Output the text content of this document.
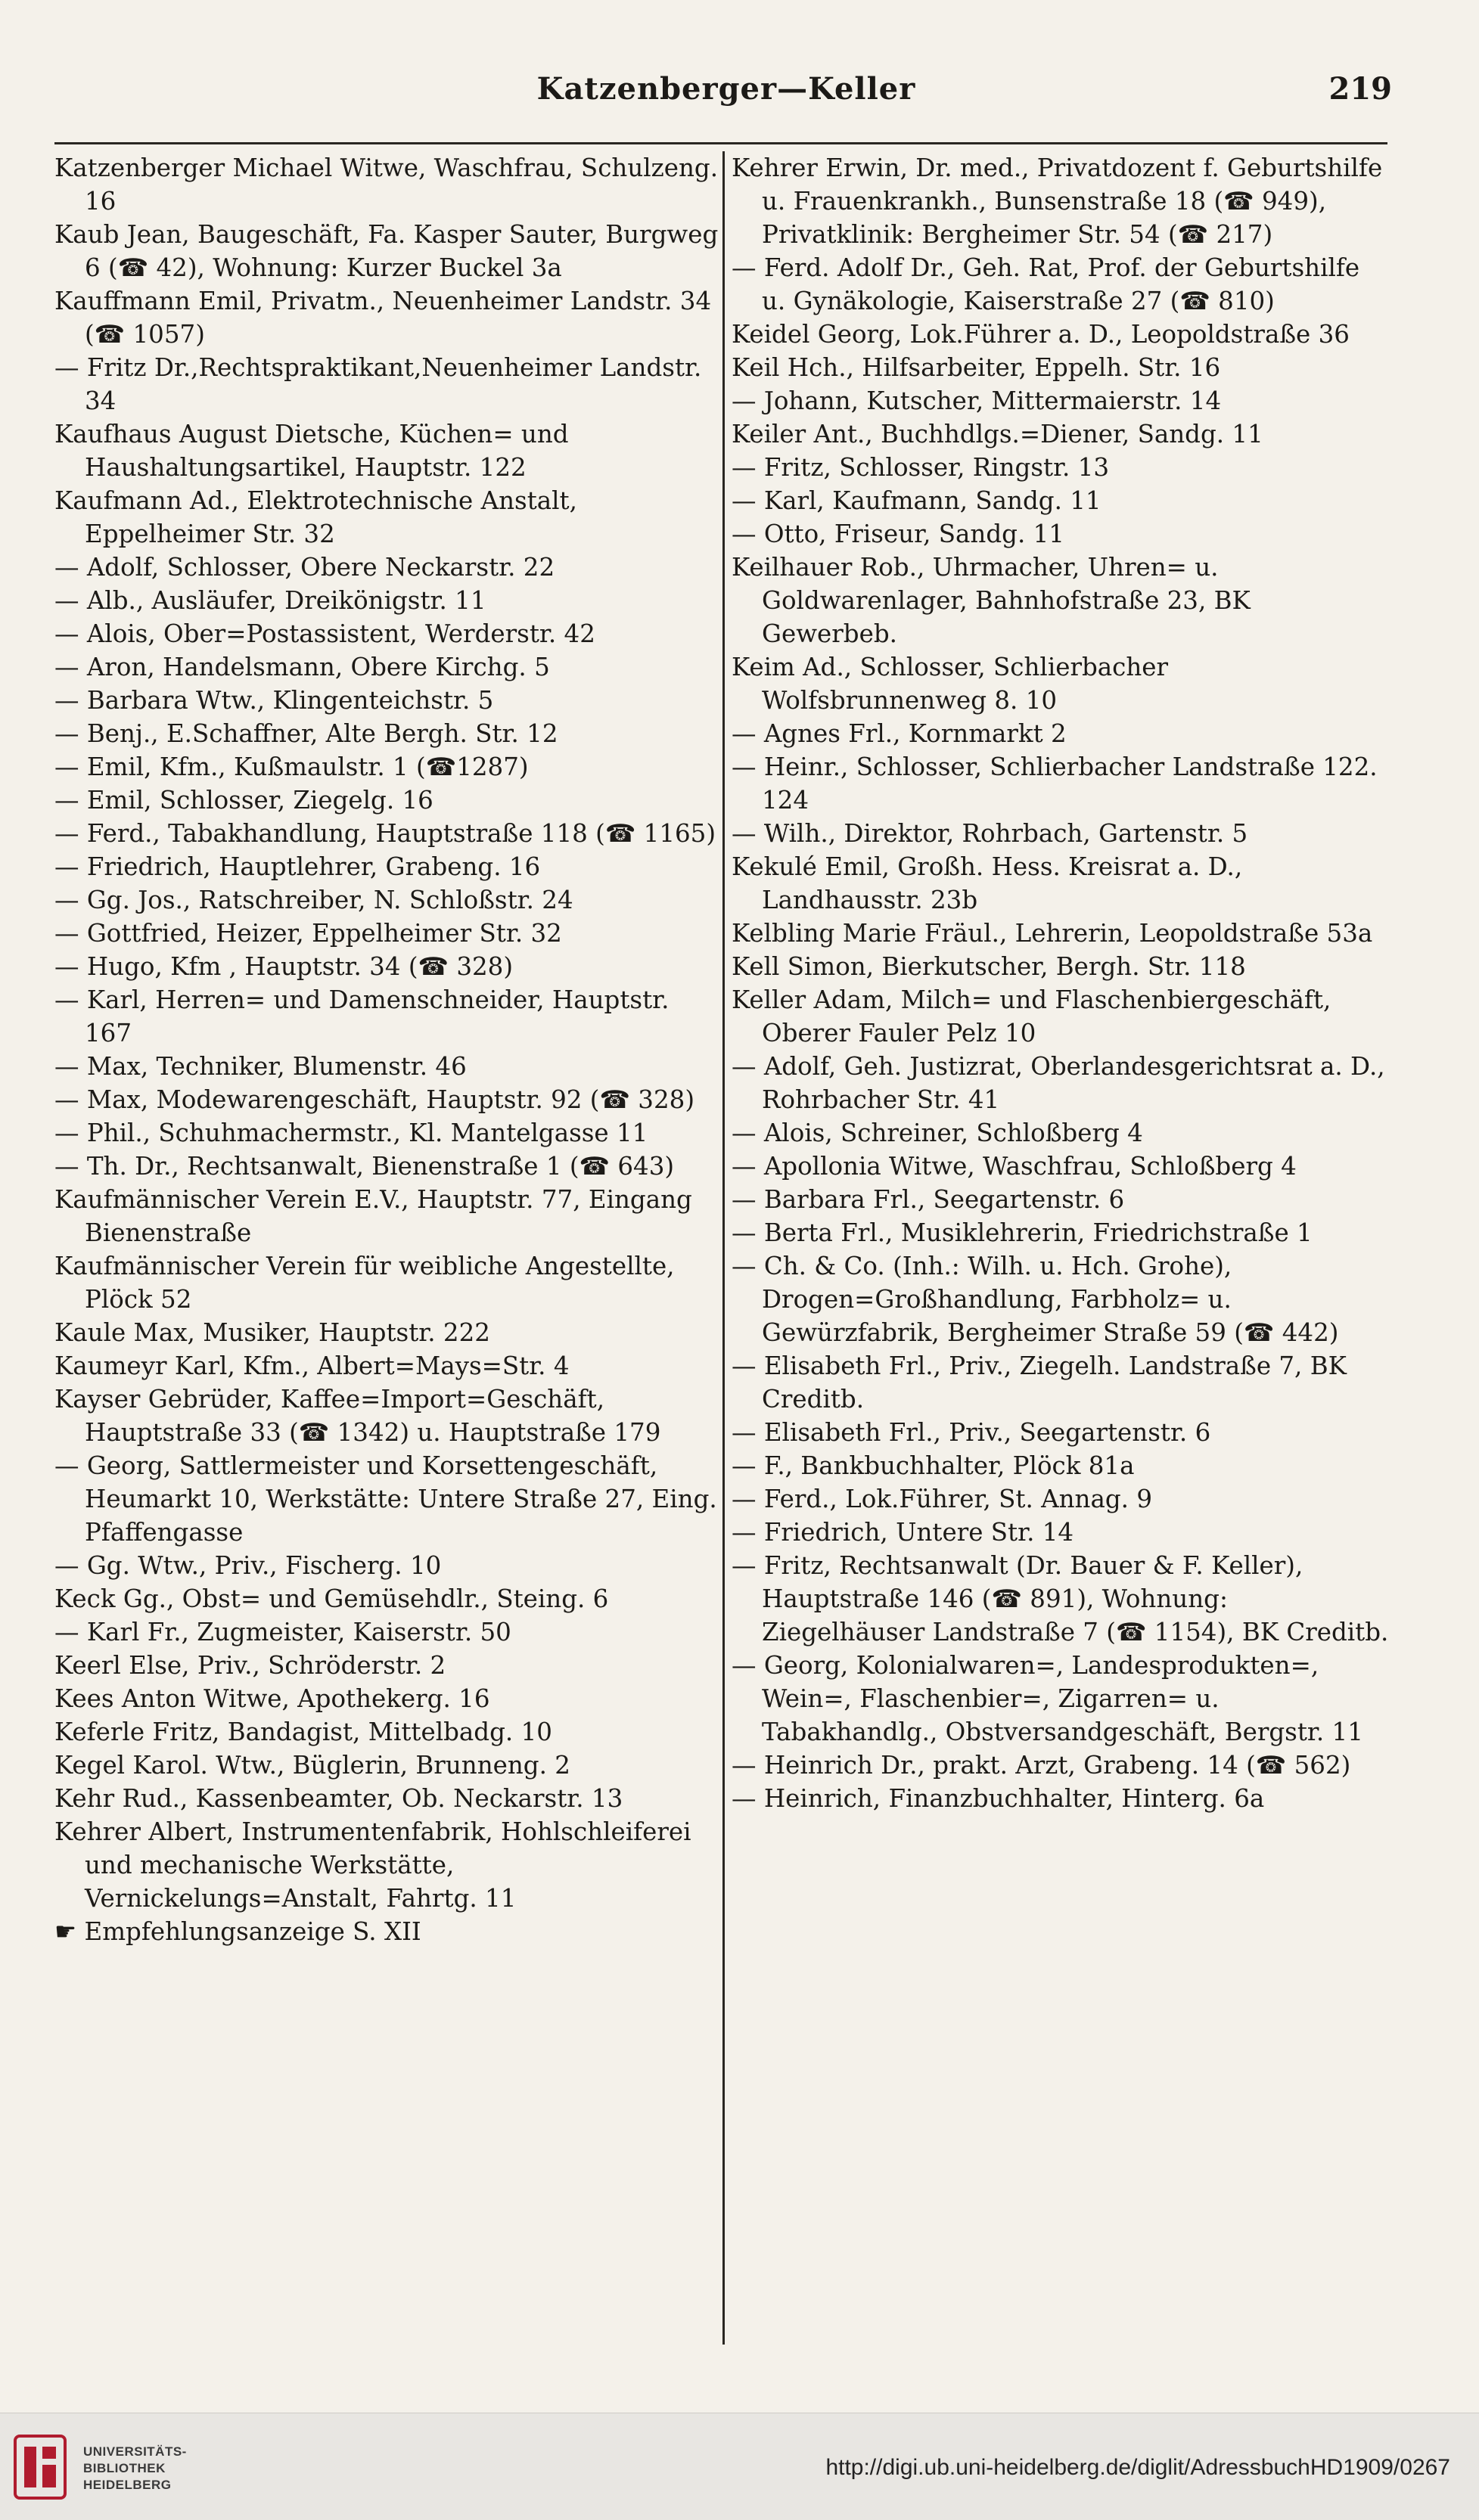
Katzenberger—Keller	219
Katzenberger Michael Witwe, Waschfrau, Schulzeng. 16
Kaub Jean, Baugeschäft, Fa. Kasper Sauter, Burgweg 6 (☎ 42), Wohnung: Kurzer Buckel 3a
Kauffmann Emil, Privatm., Neuenheimer Landstr. 34 (☎ 1057)
— Fritz Dr.,Rechtspraktikant,Neuenheimer Landstr. 34
Kaufhaus August Dietsche, Küchen= und Haushaltungsartikel, Hauptstr. 122
Kaufmann Ad., Elektrotechnische Anstalt, Eppelheimer Str. 32
— Adolf, Schlosser, Obere Neckarstr. 22
— Alb., Ausläufer, Dreikönigstr. 11
— Alois, Ober=Postassistent, Werderstr. 42
— Aron, Handelsmann, Obere Kirchg. 5
— Barbara Wtw., Klingenteichstr. 5
— Benj., E.Schaffner, Alte Bergh. Str. 12
— Emil, Kfm., Kußmaulstr. 1 (☎1287)
— Emil, Schlosser, Ziegelg. 16
— Ferd., Tabakhandlung, Hauptstraße 118 (☎ 1165)
— Friedrich, Hauptlehrer, Grabeng. 16
— Gg. Jos., Ratschreiber, N. Schloßstr. 24
— Gottfried, Heizer, Eppelheimer Str. 32
— Hugo, Kfm , Hauptstr. 34 (☎ 328)
— Karl, Herren= und Damenschneider, Hauptstr. 167
— Max, Techniker, Blumenstr. 46
— Max, Modewarengeschäft, Hauptstr. 92 (☎ 328)
— Phil., Schuhmachermstr., Kl. Mantelgasse 11
— Th. Dr., Rechtsanwalt, Bienenstraße 1 (☎ 643)
Kaufmännischer Verein E.V., Hauptstr. 77, Eingang Bienenstraße
Kaufmännischer Verein für weibliche Angestellte, Plöck 52
Kaule Max, Musiker, Hauptstr. 222
Kaumeyr Karl, Kfm., Albert=Mays=Str. 4
Kayser Gebrüder, Kaffee=Import=Geschäft, Hauptstraße 33 (☎ 1342) u. Hauptstraße 179
— Georg, Sattlermeister und Korsettengeschäft, Heumarkt 10, Werkstätte: Untere Straße 27, Eing. Pfaffengasse
— Gg. Wtw., Priv., Fischerg. 10
Keck Gg., Obst= und Gemüsehdlr., Steing. 6
— Karl Fr., Zugmeister, Kaiserstr. 50
Keerl Else, Priv., Schröderstr. 2
Kees Anton Witwe, Apothekerg. 16
Keferle Fritz, Bandagist, Mittelbadg. 10
Kegel Karol. Wtw., Büglerin, Brunneng. 2
Kehr Rud., Kassenbeamter, Ob. Neckarstr. 13
Kehrer Albert, Instrumentenfabrik, Hohlschleiferei und mechanische Werkstätte, Vernickelungs=Anstalt, Fahrtg. 11
☛ Empfehlungsanzeige S. XII
Kehrer Erwin, Dr. med., Privatdozent f. Geburtshilfe u. Frauenkrankh., Bunsenstraße 18 (☎ 949), Privatklinik: Bergheimer Str. 54 (☎ 217)
— Ferd. Adolf Dr., Geh. Rat, Prof. der Geburtshilfe u. Gynäkologie, Kaiserstraße 27 (☎ 810)
Keidel Georg, Lok.Führer a. D., Leopoldstraße 36
Keil Hch., Hilfsarbeiter, Eppelh. Str. 16
— Johann, Kutscher, Mittermaierstr. 14
Keiler Ant., Buchhdlgs.=Diener, Sandg. 11
— Fritz, Schlosser, Ringstr. 13
— Karl, Kaufmann, Sandg. 11
— Otto, Friseur, Sandg. 11
Keilhauer Rob., Uhrmacher, Uhren= u. Goldwarenlager, Bahnhofstraße 23, BK Gewerbeb.
Keim Ad., Schlosser, Schlierbacher Wolfsbrunnenweg 8. 10
— Agnes Frl., Kornmarkt 2
— Heinr., Schlosser, Schlierbacher Landstraße 122. 124
— Wilh., Direktor, Rohrbach, Gartenstr. 5
Kekulé Emil, Großh. Hess. Kreisrat a. D., Landhausstr. 23b
Kelbling Marie Fräul., Lehrerin, Leopoldstraße 53a
Kell Simon, Bierkutscher, Bergh. Str. 118
Keller Adam, Milch= und Flaschenbiergeschäft, Oberer Fauler Pelz 10
— Adolf, Geh. Justizrat, Oberlandesgerichtsrat a. D., Rohrbacher Str. 41
— Alois, Schreiner, Schloßberg 4
— Apollonia Witwe, Waschfrau, Schloßberg 4
— Barbara Frl., Seegartenstr. 6
— Berta Frl., Musiklehrerin, Friedrichstraße 1
— Ch. & Co. (Inh.: Wilh. u. Hch. Grohe), Drogen=Großhandlung, Farbholz= u. Gewürzfabrik, Bergheimer Straße 59 (☎ 442)
— Elisabeth Frl., Priv., Ziegelh. Landstraße 7, BK Creditb.
— Elisabeth Frl., Priv., Seegartenstr. 6
— F., Bankbuchhalter, Plöck 81a
— Ferd., Lok.Führer, St. Annag. 9
— Friedrich, Untere Str. 14
— Fritz, Rechtsanwalt (Dr. Bauer & F. Keller), Hauptstraße 146 (☎ 891), Wohnung: Ziegelhäuser Landstraße 7 (☎ 1154), BK Creditb.
— Georg, Kolonialwaren=, Landesprodukten=, Wein=, Flaschenbier=, Zigarren= u. Tabakhandlg., Obstversandgeschäft, Bergstr. 11
— Heinrich Dr., prakt. Arzt, Grabeng. 14 (☎ 562)
— Heinrich, Finanzbuchhalter, Hinterg. 6a
UNIVERSITÄTS-
BIBLIOTHEK
HEIDELBERG
http://digi.ub.uni-heidelberg.de/diglit/AdressbuchHD1909/0267
